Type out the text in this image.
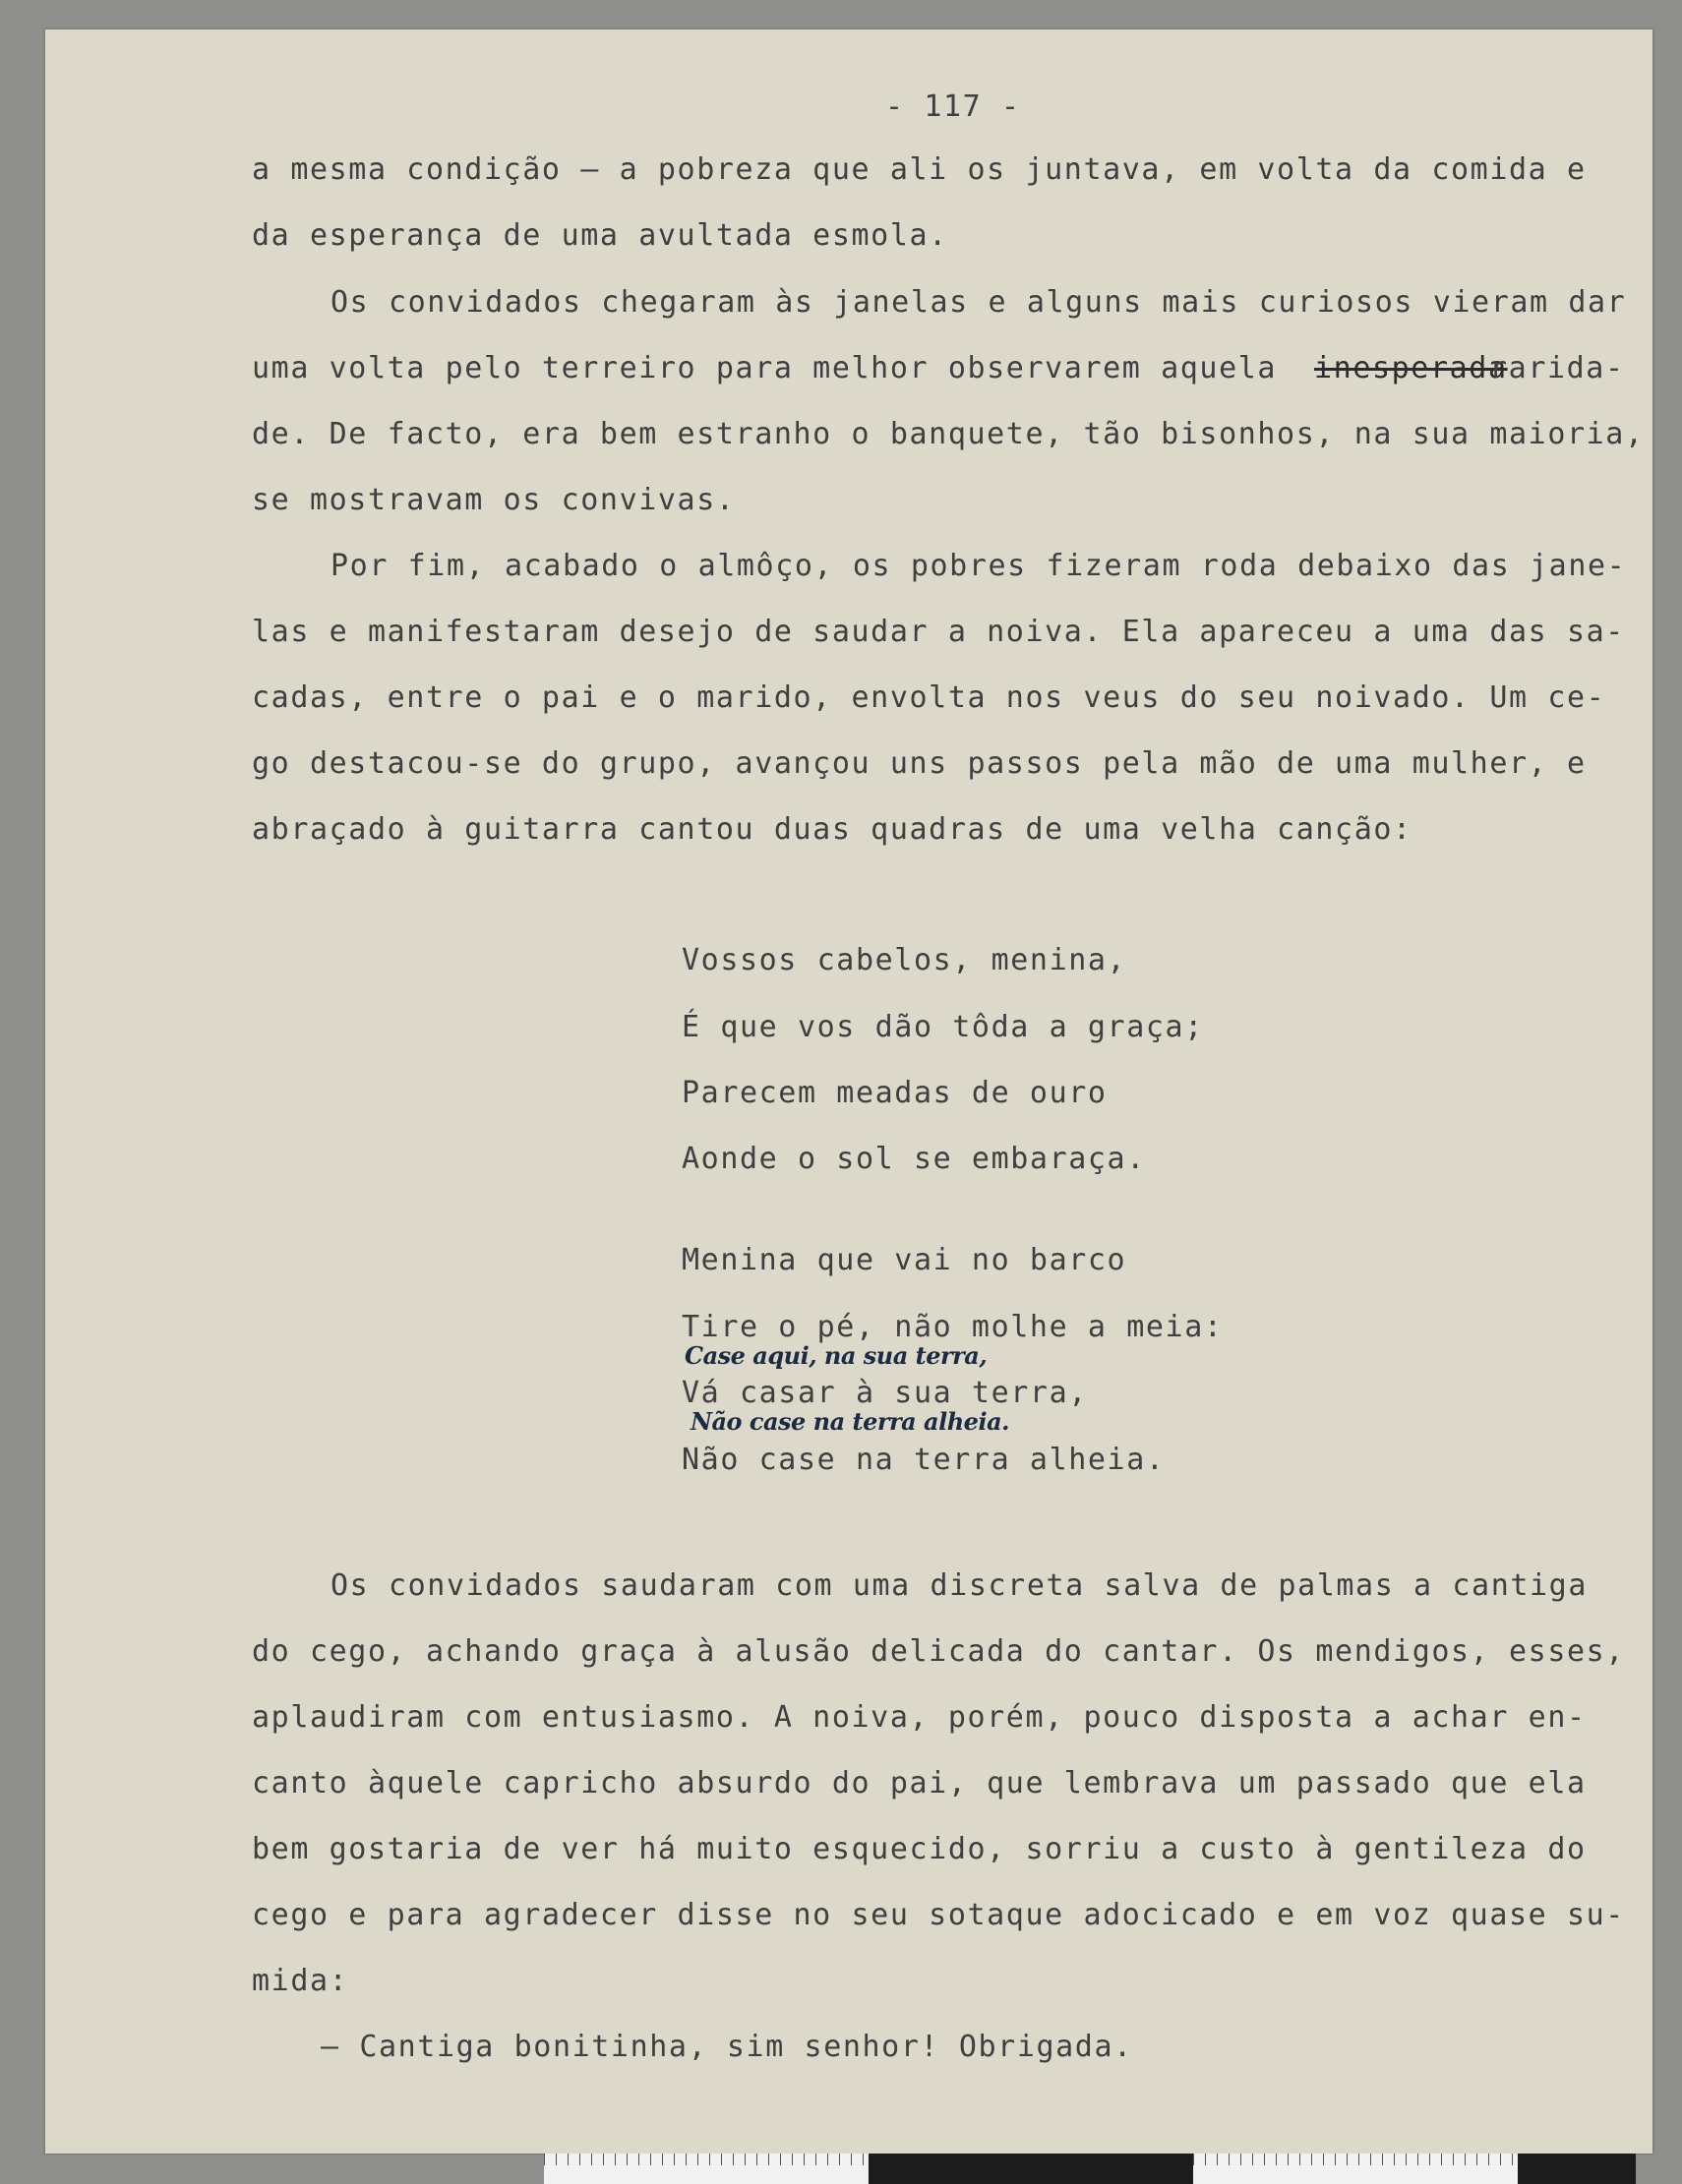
- 117 -
a mesma condição — a pobreza que ali os juntava, em volta da comida e
da esperança de uma avultada esmola.
Os convidados chegaram às janelas e alguns mais curiosos vieram dar
uma volta pelo terreiro para melhor observarem aquela inesperada
rarida-
de. De facto, era bem estranho o banquete, tão bisonhos, na sua maioria,
se mostravam os convivas.
Por fim, acabado o almôço, os pobres fizeram roda debaixo das jane-
las e manifestaram desejo de saudar a noiva. Ela apareceu a uma das sa-
cadas, entre o pai e o marido, envolta nos veus do seu noivado. Um ce-
go destacou-se do grupo, avançou uns passos pela mão de uma mulher, e
abraçado à guitarra cantou duas quadras de uma velha canção:
Vossos cabelos, menina,
É que vos dão tôda a graça;
Parecem meadas de ouro
Aonde o sol se embaraça.
Menina que vai no barco
Tire o pé, não molhe a meia:
Case aqui, na sua terra,
Vá casar à sua terra,
Não case na terra alheia.
Não case na terra alheia.
Os convidados saudaram com uma discreta salva de palmas a cantiga
do cego, achando graça à alusão delicada do cantar. Os mendigos, esses,
aplaudiram com entusiasmo. A noiva, porém, pouco disposta a achar en-
canto àquele capricho absurdo do pai, que lembrava um passado que ela
bem gostaria de ver há muito esquecido, sorriu a custo à gentileza do
cego e para agradecer disse no seu sotaque adocicado e em voz quase su-
mida:
— Cantiga bonitinha, sim senhor! Obrigada.
